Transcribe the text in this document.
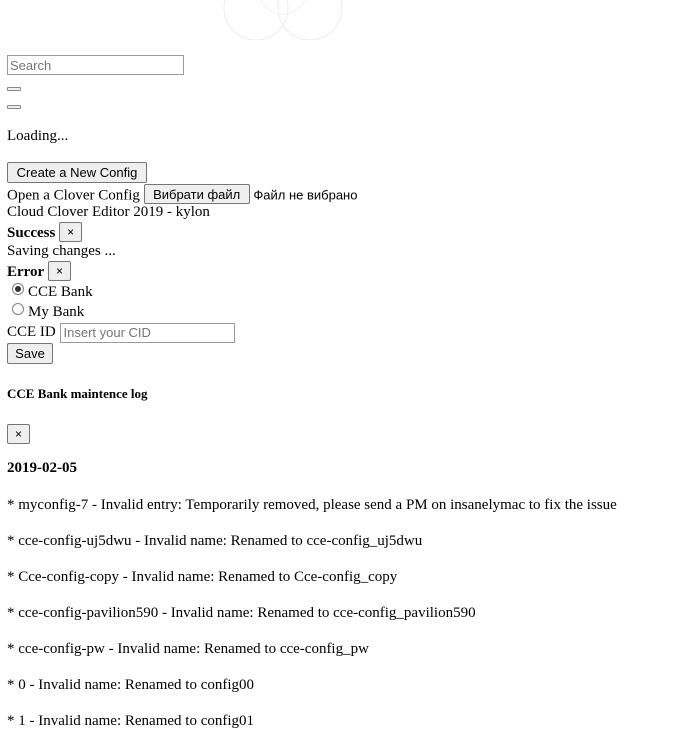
Search
Loading...
Create a New Config
Open a Clover Config Вибрати файл Файл не вибрано
Cloud Clover Editor 2019 - kylon
Success ×
Saving changes ...
Error ×
CCE Bank
My Bank
CCE ID Insert your CID
Save
CCE Bank maintence log
×
2019-02-05
* myconfig-7 - Invalid entry: Temporarily removed, please send a PM on insanelymac to fix the issue
* cce-config-uj5dwu - Invalid name: Renamed to cce-config_uj5dwu
* Cce-config-copy - Invalid name: Renamed to Cce-config_copy
* cce-config-pavilion590 - Invalid name: Renamed to cce-config_pavilion590
* cce-config-pw - Invalid name: Renamed to cce-config_pw
* 0 - Invalid name: Renamed to config00
* 1 - Invalid name: Renamed to config01
